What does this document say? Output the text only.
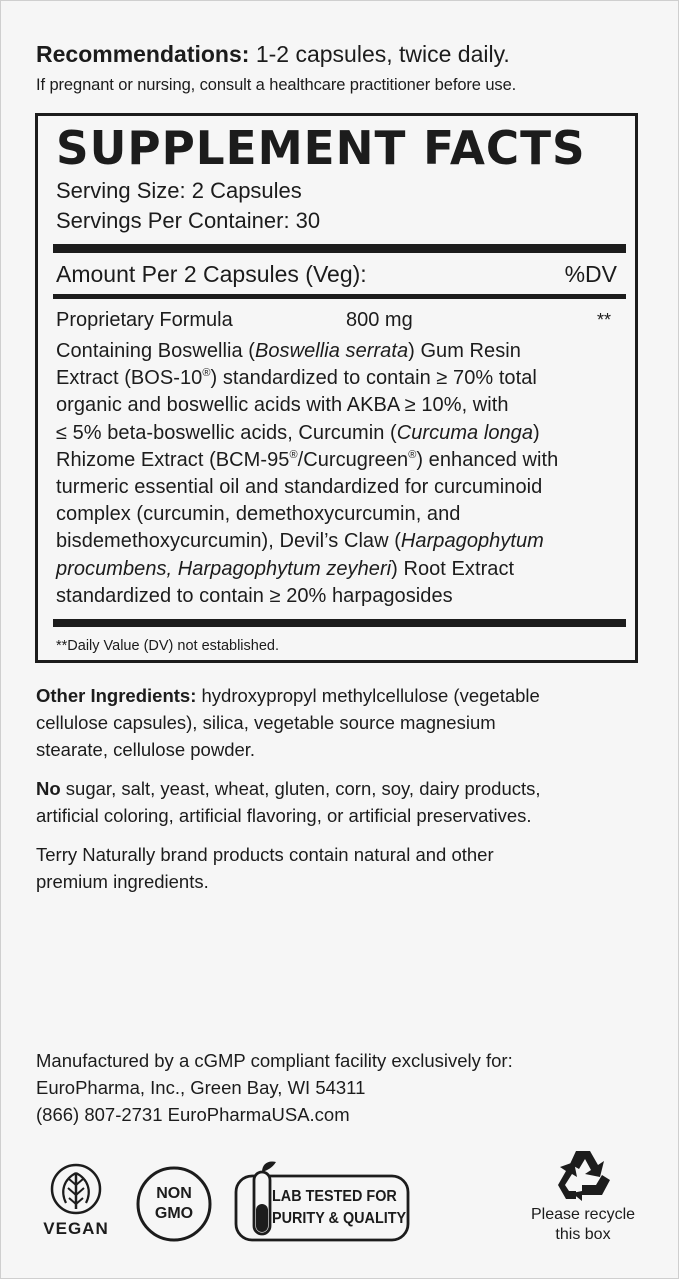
Recommendations: 1-2 capsules, twice daily.
If pregnant or nursing, consult a healthcare practitioner before use.
SUPPLEMENT FACTS
Serving Size: 2 Capsules
Servings Per Container: 30
Amount Per 2 Capsules (Veg):	%DV
Proprietary Formula	800 mg	**
Containing Boswellia (Boswellia serrata) Gum Resin
Extract (BOS-10®) standardized to contain ≥ 70% total
organic and boswellic acids with AKBA ≥ 10%, with
≤ 5% beta-boswellic acids, Curcumin (Curcuma longa)
Rhizome Extract (BCM-95®/Curcugreen®) enhanced with
turmeric essential oil and standardized for curcuminoid
complex (curcumin, demethoxycurcumin, and
bisdemethoxycurcumin), Devil’s Claw (Harpagophytum
procumbens, Harpagophytum zeyheri) Root Extract
standardized to contain ≥ 20% harpagosides
**Daily Value (DV) not established.
Other Ingredients: hydroxypropyl methylcellulose (vegetable
cellulose capsules), silica, vegetable source magnesium
stearate, cellulose powder.
No sugar, salt, yeast, wheat, gluten, corn, soy, dairy products,
artificial coloring, artificial flavoring, or artificial preservatives.
Terry Naturally brand products contain natural and other
premium ingredients.
Manufactured by a cGMP compliant facility exclusively for:
EuroPharma, Inc., Green Bay, WI 54311
(866) 807-2731 EuroPharmaUSA.com
VEGAN
NON
GMO
LAB TESTED FOR
PURITY & QUALITY	Please recycle
this box
